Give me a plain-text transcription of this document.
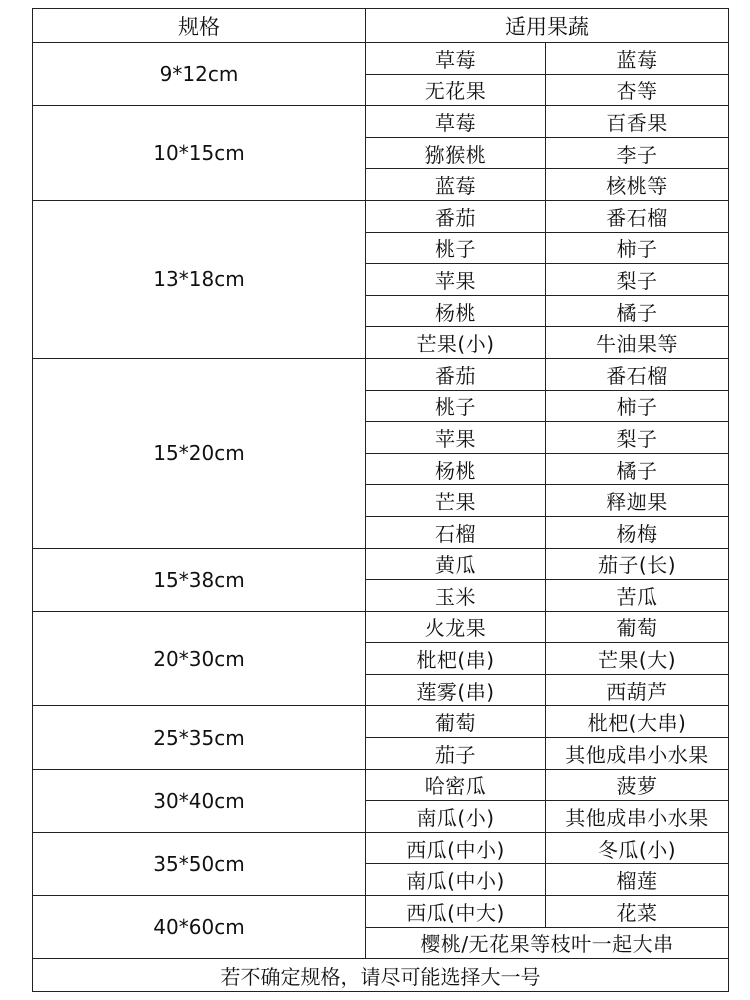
规格	适用果蔬	
9*12cm	草莓	蓝莓
	无花果	杏等
10*15cm	草莓	百香果
	猕猴桃	李子
	蓝莓	核桃等
13*18cm	番茄	番石榴
	桃子	柿子
	苹果	梨子
	杨桃	橘子
	芒果(小)	牛油果等
15*20cm	番茄	番石榴
	桃子	柿子
	苹果	梨子
	杨桃	橘子
	芒果	释迦果
	石榴	杨梅
15*38cm	黄瓜	茄子(长)
	玉米	苦瓜
20*30cm	火龙果	葡萄
	枇杷(串)	芒果(大)
	莲雾(串)	西葫芦
25*35cm	葡萄	枇杷(大串)
	茄子	其他成串小水果
30*40cm	哈密瓜	菠萝
	南瓜(小)	其他成串小水果
35*50cm	西瓜(中小)	冬瓜(小)
	南瓜(中小)	榴莲
40*60cm	西瓜(中大)	花菜
	樱桃/无花果等枝叶一起大串	
若不确定规格，请尽可能选择大一号		
